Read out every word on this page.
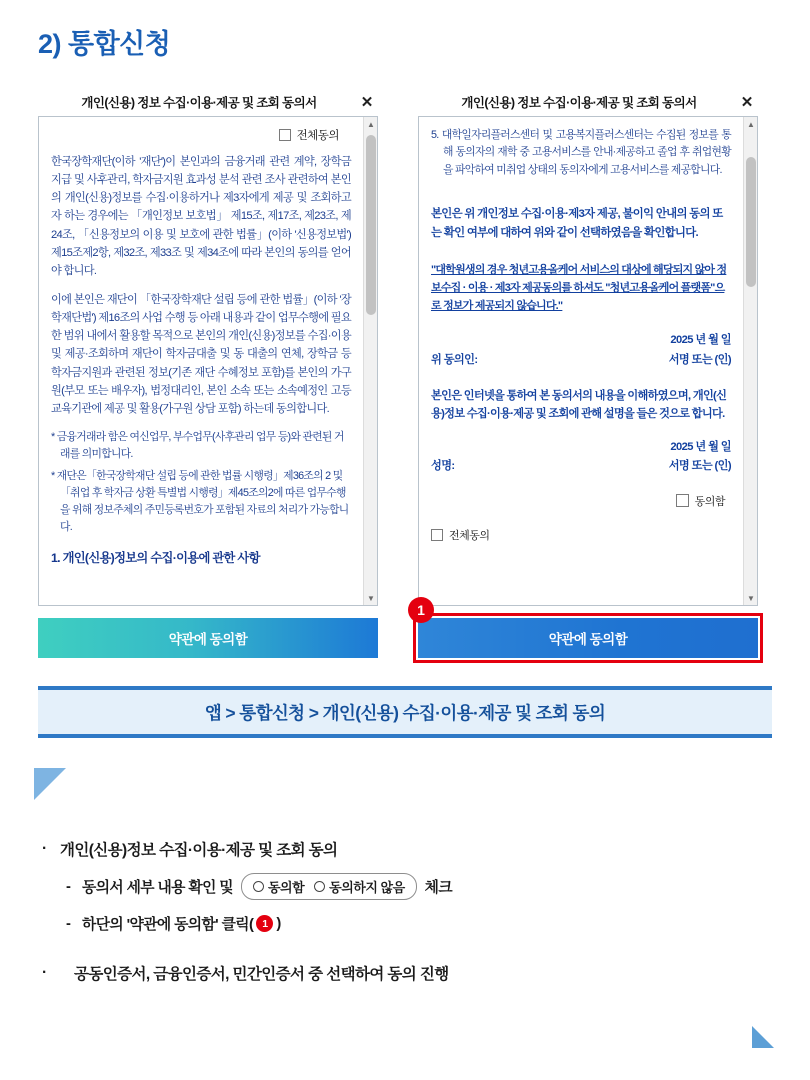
2) 통합신청
개인(신용) 정보 수집·이용·제공 및 조회 동의서	✕
전체동의

한국장학재단(이하 '재단')이 본인과의 금융거래 관련 계약, 장학금 지급 및 사후관리, 학자금지원 효과성 분석 관련 조사 관련하여 본인의 개인(신용)정보를 수집·이용하거나 제3자에게 제공 및 조회하고자 하는 경우에는 「개인정보 보호법」 제15조, 제17조, 제23조, 제24조, 「신용정보의 이용 및 보호에 관한 법률」(이하 '신용정보법') 제15조제2항, 제32조, 제33조 및 제34조에 따라 본인의 동의를 얻어야 합니다.

이에 본인은 재단이 「한국장학재단 설립 등에 관한 법률」(이하 '장학재단법') 제16조의 사업 수행 등 아래 내용과 같이 업무수행에 필요한 범위 내에서 활용할 목적으로 본인의 개인(신용)정보를 수집·이용 및 제공·조회하며 재단이 학자금대출 및 동 대출의 연체, 장학금 등 학자금지원과 관련된 정보(기존 재단 수혜정보 포함)를 본인의 가구원(부모 또는 배우자), 법정대리인, 본인 소속 또는 소속예정인 고등교육기관에 제공 및 활용(가구원 상담 포함) 하는데 동의합니다.

* 금융거래라 함은 여신업무, 부수업무(사후관리 업무 등)와 관련된 거래를 의미합니다.

* 재단은「한국장학재단 설립 등에 관한 법률 시행령」제36조의 2 및「취업 후 학자금 상환 특별법 시행령」제45조의2에 따른 업무수행을 위해 정보주체의 주민등록번호가 포함된 자료의 처리가 가능합니다.

1. 개인(신용)정보의 수집·이용에 관한 사항
▲
▼
약관에 동의함
개인(신용) 정보 수집·이용·제공 및 조회 동의서	✕

5. 대학일자리플러스센터 및 고용복지플러스센터는 수집된 정보를 통해 동의자의 재학 중 고용서비스를 안내·제공하고 졸업 후 취업현황을 파악하여 미취업 상태의 동의자에게 고용서비스를 제공합니다.

본인은 위 개인정보 수집·이용·제3자 제공, 불이익 안내의 동의 또는 확인 여부에 대하여 위와 같이 선택하였음을 확인합니다.

"대학원생의 경우 청년고용올케어 서비스의 대상에 해당되지 않아 정보수집 · 이용 · 제3자 제공동의를 하셔도 "청년고용올케어 플랫폼"으로 정보가 제공되지 않습니다."

2025 년 월 일
위 동의인:	서명 또는 (인)

본인은 인터넷을 통하여 본 동의서의 내용을 이해하였으며, 개인(신용)정보 수집·이용·제공 및 조회에 관해 설명을 들은 것으로 합니다.

2025 년 월 일
성명:	서명 또는 (인)
동의함
전체동의
▲
▼
약관에 동의함
1
앱 > 통합신청 > 개인(신용) 수집·이용·제공 및 조회 동의
· 개인(신용)정보 수집·이용·제공 및 조회 동의
- 동의서 세부 내용 확인 및	동의함 동의하지 않음 체크
- 하단의 '약관에 동의함' 클릭( 1 )
·	공동인증서, 금융인증서, 민간인증서 중 선택하여 동의 진행
